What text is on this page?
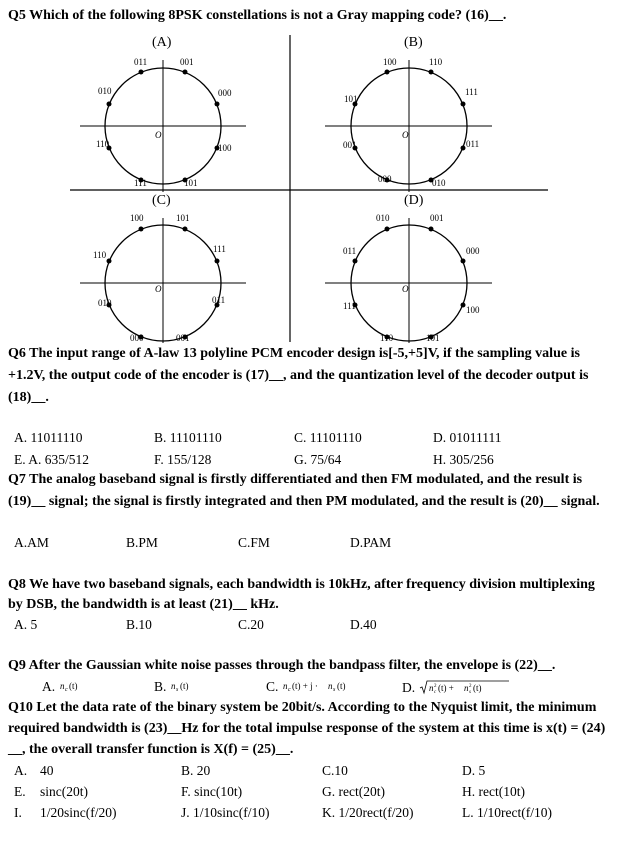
Q5 Which of the following 8PSK constellations is not a Gray mapping code? (16)__.
(A)
O
011	001
010	000
110	100
111	101
(B)
O
100	110
101
111
001	011
000	010
(C)
O
100	101
110
111
010	011
000	001
(D)
O
010	001
011	000
111	100
110	101
Q6 The input range of A-law 13 polyline PCM encoder design is[-5,+5]V, if the sampling value is
+1.2V, the output code of the encoder is (17)__, and the quantization level of the decoder output is
(18)__.
A. 11011110	B. 11101110	C. 11101110	D. 01011111
E. A. 635/512	F. 155/128	G. 75/64	H. 305/256
Q7 The analog baseband signal is firstly differentiated and then FM modulated, and the result is
(19)__ signal; the signal is firstly integrated and then PM modulated, and the result is (20)__ signal.
A.AM	B.PM	C.FM	D.PAM
Q8 We have two baseband signals, each bandwidth is 10kHz, after frequency division multiplexing
by DSB, the bandwidth is at least (21)__ kHz.
A. 5	B.10	C.20	D.40
Q9 After the Gaussian white noise passes through the bandpass filter, the envelope is (22)__.
A. n c (t)	B. n s (t)	C. n c (t) + j · n s (t)	D. n 2
c (t) + n 2
s (t)
Q10 Let the data rate of the binary system be 20bit/s. According to the Nyquist limit, the minimum
required bandwidth is (23)__Hz for the total impulse response of the system at this time is x(t) = (24)
__, the overall transfer function is X(f) = (25)__.
A. 40	B. 20	C.10	D. 5
E. sinc(20t)	F. sinc(10t)	G. rect(20t)	H. rect(10t)
I. 1/20sinc(f/20)	J. 1/10sinc(f/10)	K. 1/20rect(f/20)	L. 1/10rect(f/10)
